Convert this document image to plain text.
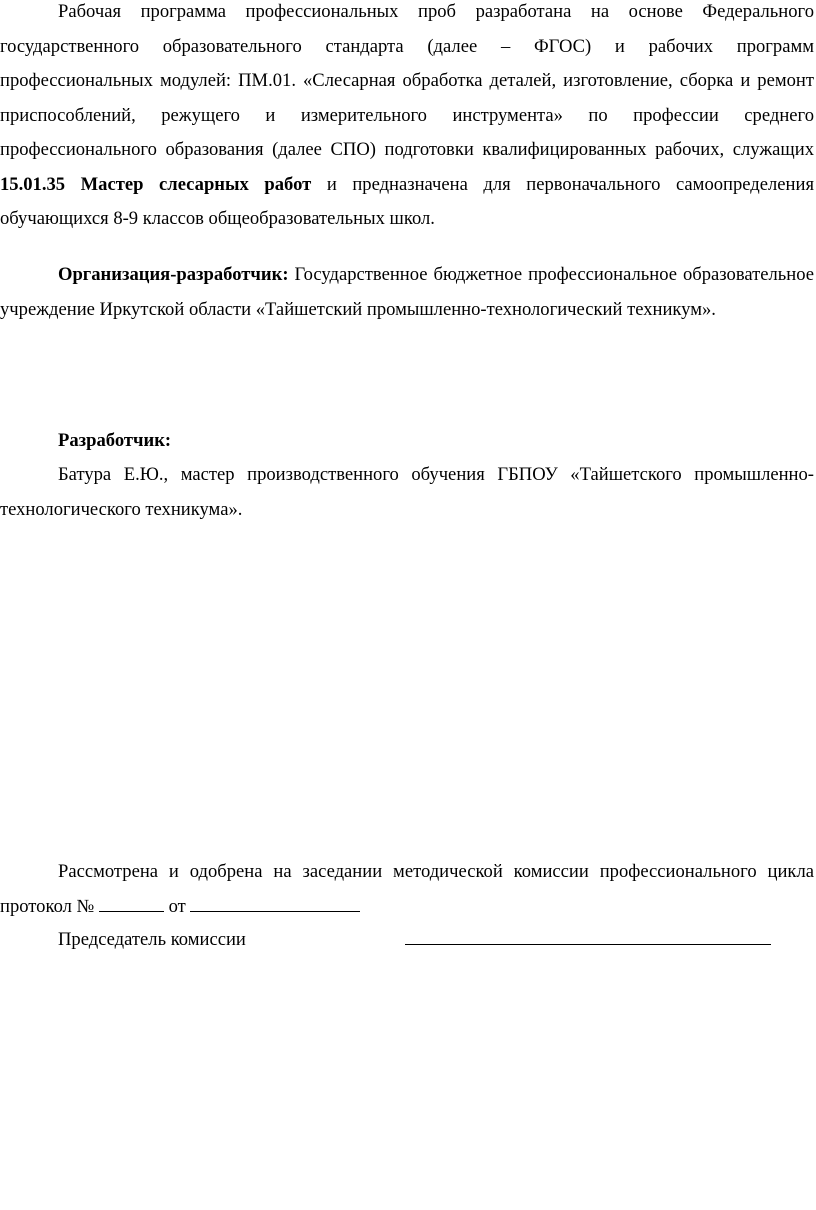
Рабочая программа профессиональных проб разработана на основе Федерального государственного образовательного стандарта (далее – ФГОС) и рабочих программ профессиональных модулей: ПМ.01. «Слесарная обработка деталей, изготовление, сборка и ремонт приспособлений, режущего и измерительного инструмента» по профессии среднего профессионального образования (далее СПО) подготовки квалифицированных рабочих, служащих 15.01.35 Мастер слесарных работ и предназначена для первоначального самоопределения обучающихся 8-9 классов общеобразовательных школ.

Организация-разработчик: Государственное бюджетное профессиональное образовательное учреждение Иркутской области «Тайшетский промышленно-технологический техникум».

Разработчик:

Батура Е.Ю., мастер производственного обучения ГБПОУ «Тайшетского промышленно-технологического техникума».

Рассмотрена и одобрена на заседании методической комиссии профессионального цикла
протокол №	от
Председатель комиссии
